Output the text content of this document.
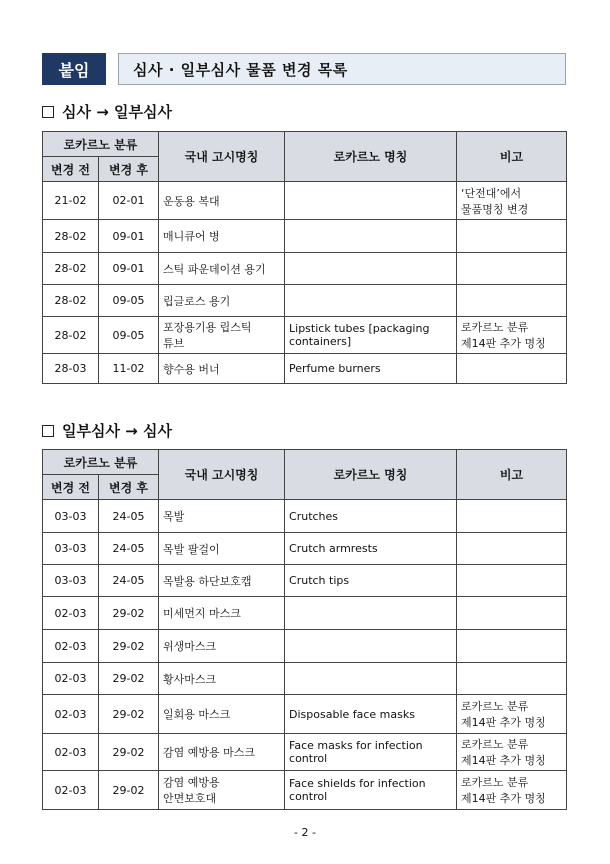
붙임	심사 · 일부심사 물품 변경 목록
심사 → 일부심사
로카르노 분류		국내 고시명칭	로카르노 명칭	비고
변경 전	변경 후			
21-02	02-01	운동용 복대		‘단전대’에서
물품명칭 변경
28-02	09-01	매니큐어 병		
28-02	09-01	스틱 파운데이션 용기		
28-02	09-05	립글로스 용기		
28-02	09-05	포장용기용 립스틱
튜브	Lipstick tubes [packaging
containers]	로카르노 분류
제14판 추가 명칭
28-03	11-02	향수용 버너	Perfume burners	
일부심사 → 심사
로카르노 분류		국내 고시명칭	로카르노 명칭	비고
변경 전	변경 후			
03-03	24-05	목발	Crutches	
03-03	24-05	목발 팔걸이	Crutch armrests	
03-03	24-05	목발용 하단보호캡	Crutch tips	
02-03	29-02	미세먼지 마스크		
02-03	29-02	위생마스크		
02-03	29-02	황사마스크		
02-03	29-02	일회용 마스크	Disposable face masks	로카르노 분류
제14판 추가 명칭
02-03	29-02	감염 예방용 마스크	Face masks for infection
control	로카르노 분류
제14판 추가 명칭
02-03	29-02	감염 예방용
안면보호대	Face shields for infection
control	로카르노 분류
제14판 추가 명칭
- 2 -
